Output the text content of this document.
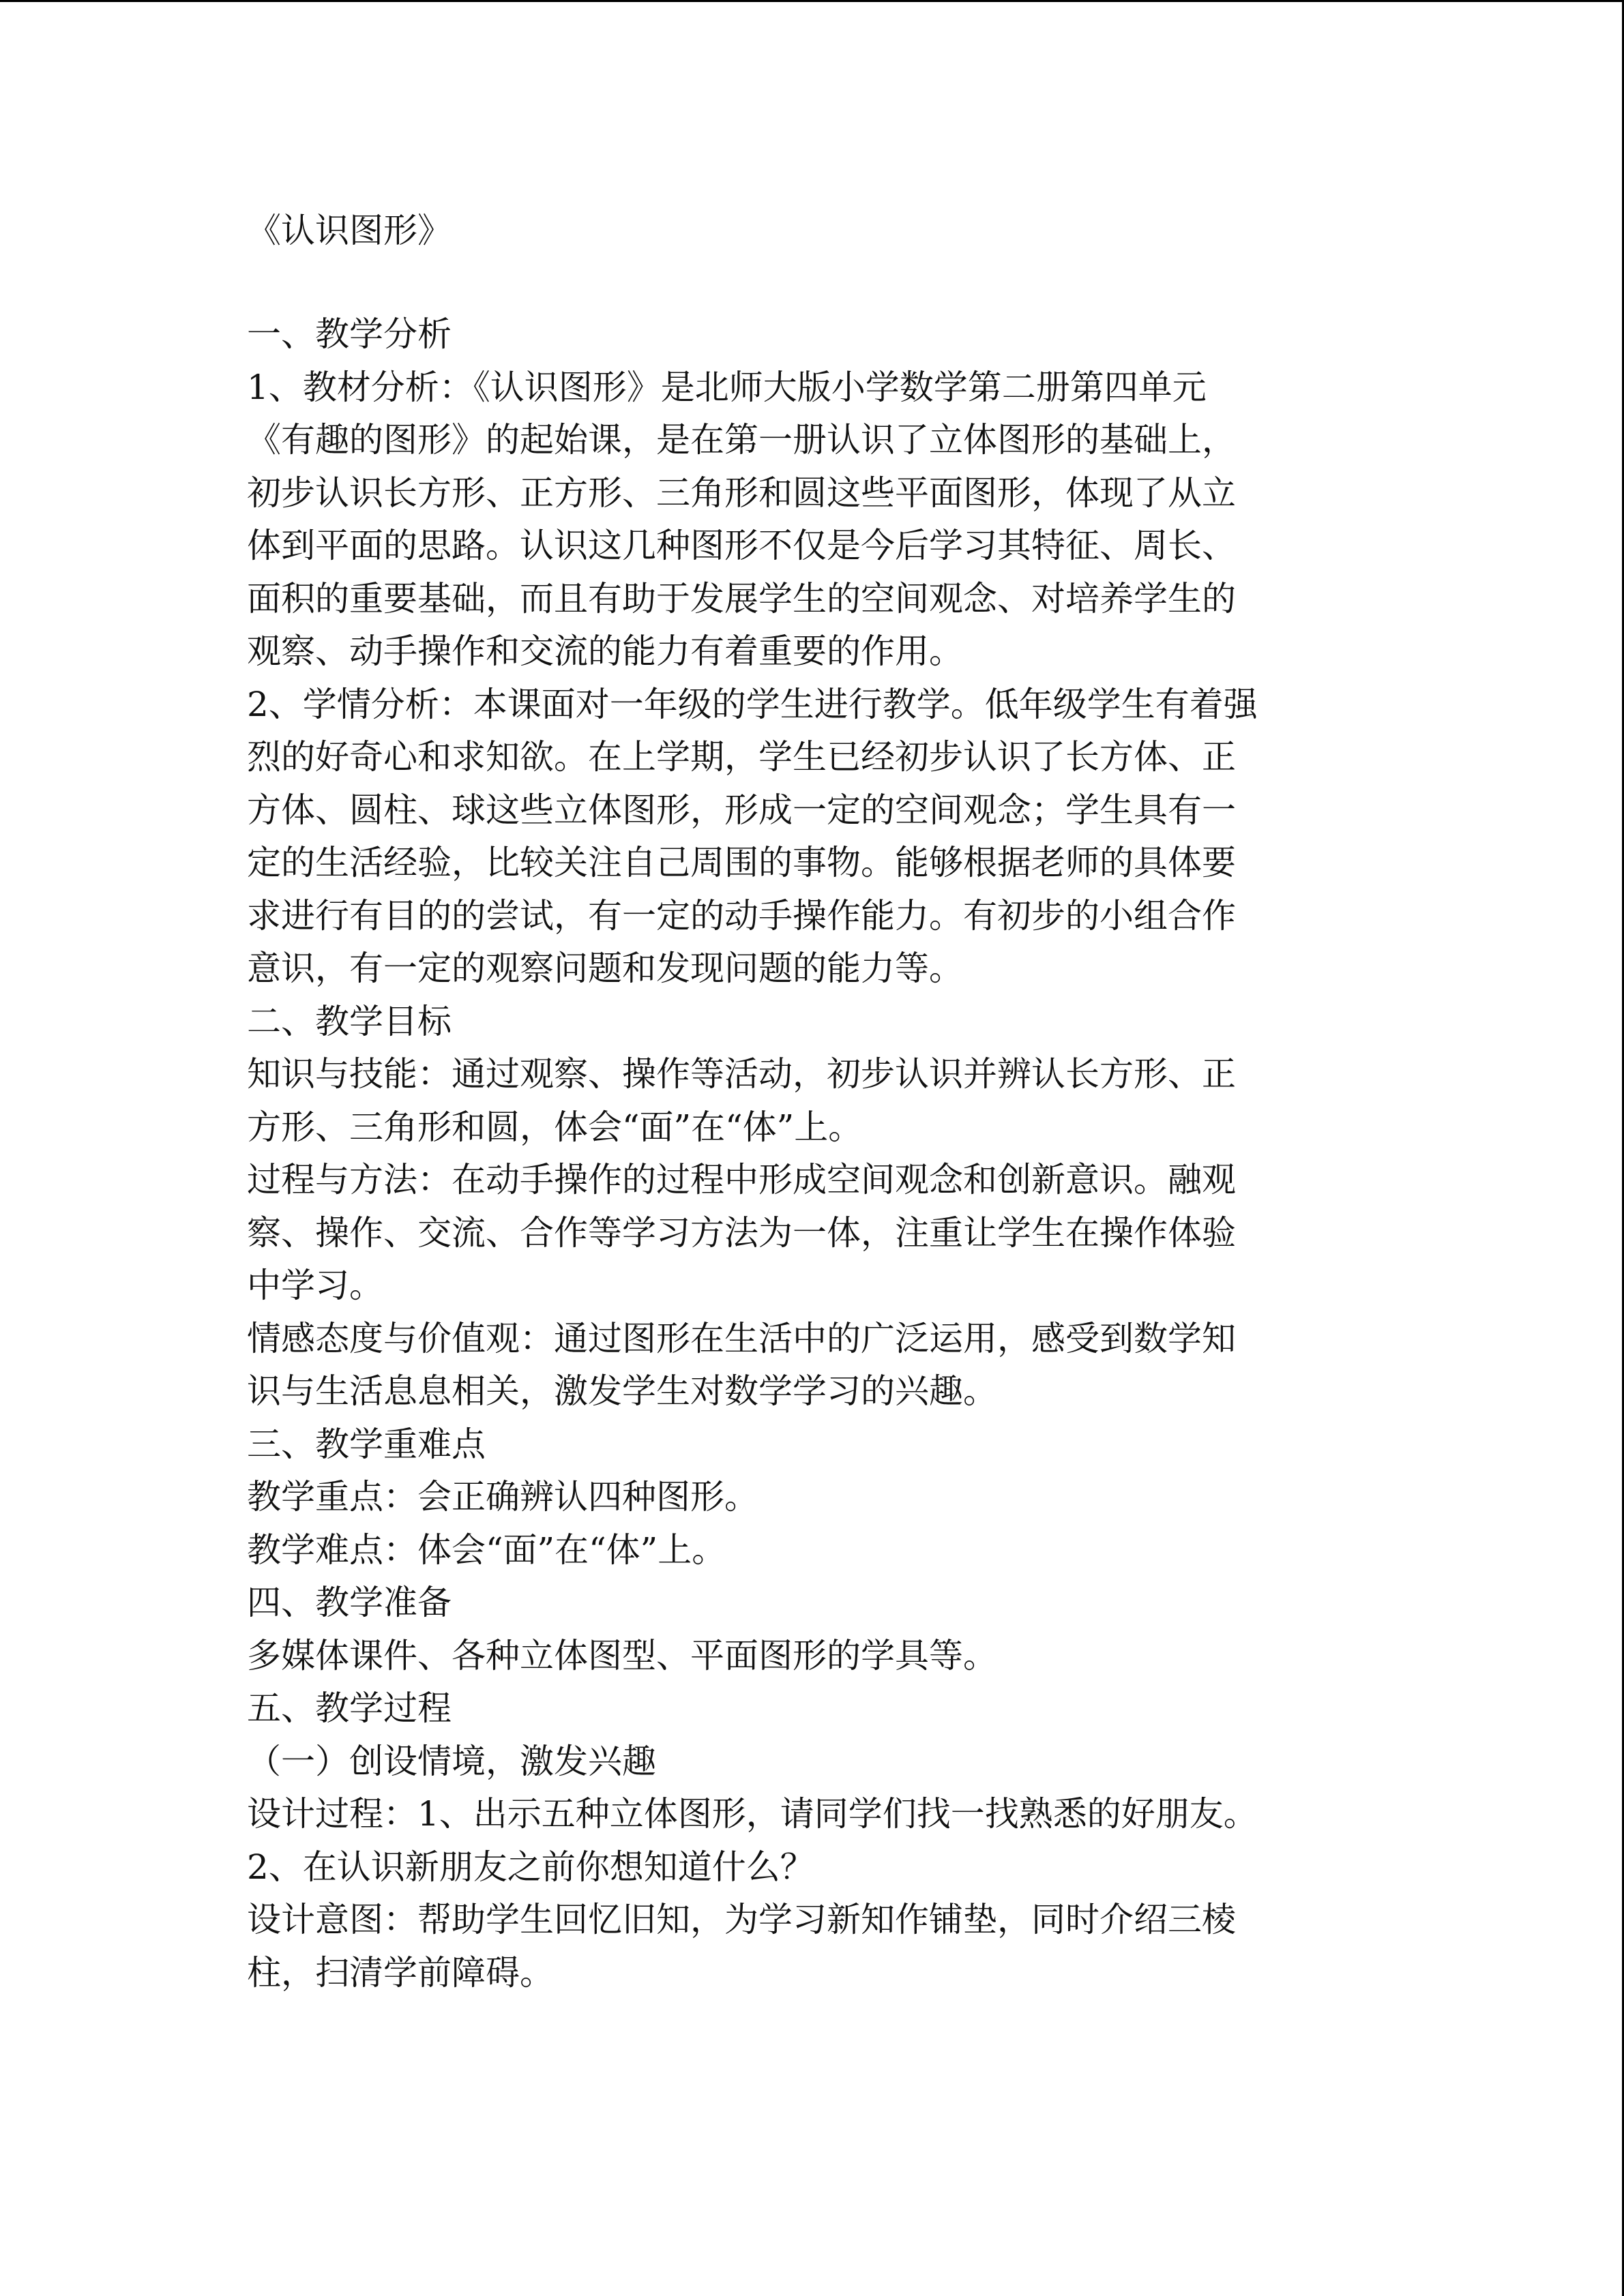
《认识图形》

一、教学分析

1、教材分析：《认识图形》是北师大版小学数学第二册第四单元

《有趣的图形》的起始课，是在第一册认识了立体图形的基础上，

初步认识长方形、正方形、三角形和圆这些平面图形，体现了从立

体到平面的思路。认识这几种图形不仅是今后学习其特征、周长、

面积的重要基础，而且有助于发展学生的空间观念、对培养学生的

观察、动手操作和交流的能力有着重要的作用。

2、学情分析：本课面对一年级的学生进行教学。低年级学生有着强

烈的好奇心和求知欲。在上学期，学生已经初步认识了长方体、正

方体、圆柱、球这些立体图形，形成一定的空间观念；学生具有一

定的生活经验，比较关注自己周围的事物。能够根据老师的具体要

求进行有目的的尝试，有一定的动手操作能力。有初步的小组合作

意识，有一定的观察问题和发现问题的能力等。

二、教学目标

知识与技能：通过观察、操作等活动，初步认识并辨认长方形、正

方形、三角形和圆，体会“面”在“体”上。

过程与方法：在动手操作的过程中形成空间观念和创新意识。融观

察、操作、交流、合作等学习方法为一体，注重让学生在操作体验

中学习。

情感态度与价值观：通过图形在生活中的广泛运用，感受到数学知

识与生活息息相关，激发学生对数学学习的兴趣。

三、教学重难点

教学重点：会正确辨认四种图形。

教学难点：体会“面”在“体”上。

四、教学准备

多媒体课件、各种立体图型、平面图形的学具等。

五、教学过程

（一）创设情境，激发兴趣

设计过程：1、出示五种立体图形，请同学们找一找熟悉的好朋友。

2、在认识新朋友之前你想知道什么？

设计意图：帮助学生回忆旧知，为学习新知作铺垫，同时介绍三棱

柱，扫清学前障碍。
